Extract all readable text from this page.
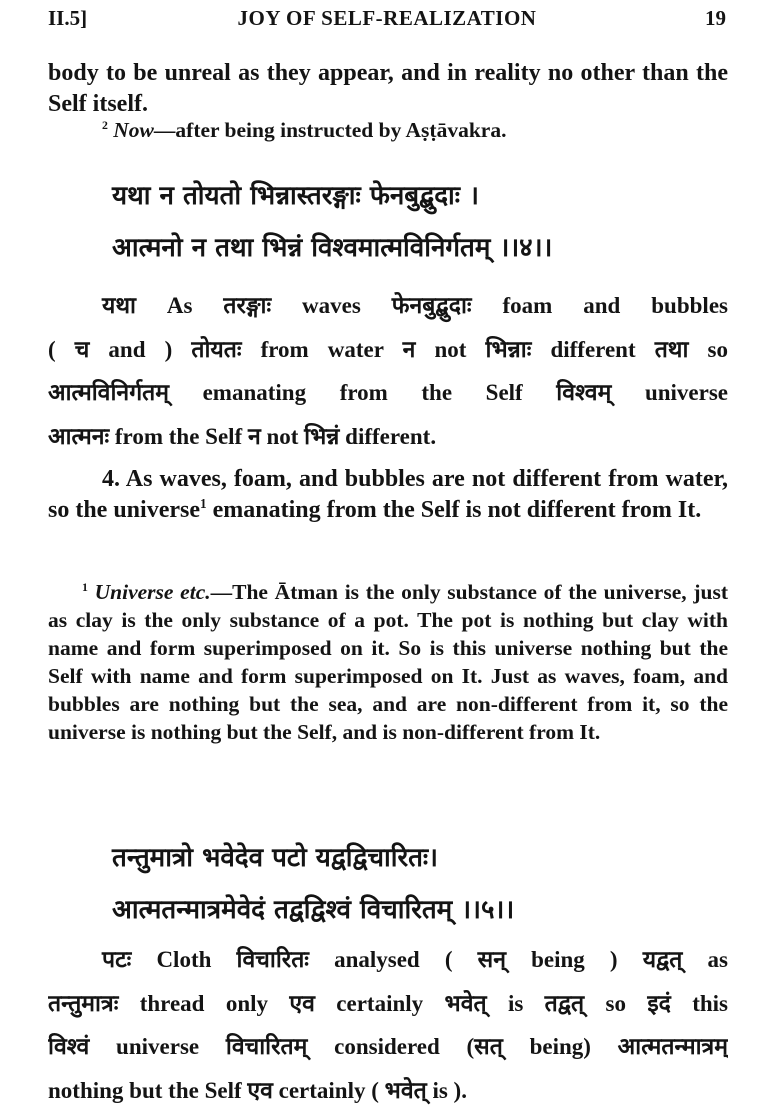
II.5]	JOY OF SELF-REALIZATION	19
body to be unreal as they appear, and in reality no other than the Self itself.
$^2$ Now—after being instructed by Aṣṭāvakra.
यथा न तोयतो भिन्नास्तरङ्गाः फेनबुद्बुदाः ।
आत्मनो न तथा भिन्नं विश्वमात्मविनिर्गतम् ।।४।।
यथा As तरङ्गाः waves फेनबुद्बुदाः foam and bubbles
( च and ) तोयतः from water न not भिन्नाः different तथा so
आत्मविनिर्गतम् emanating from the Self विश्वम् universe
आत्मनः from the Self न not भिन्नं different.
4. As waves, foam, and bubbles are not different from water, so the universe$^1$ emanating from the Self is not different from It.
$^1$ Universe etc.—The Ātman is the only substance of the universe, just as clay is the only substance of a pot. The pot is nothing but clay with name and form superimposed on it. So is this universe nothing but the Self with name and form superimposed on It. Just as waves, foam, and bubbles are nothing but the sea, and are non-different from it, so the universe is nothing but the Self, and is non-different from It.
तन्तुमात्रो भवेदेव पटो यद्वद्विचारितः।
आत्मतन्मात्रमेवेदं तद्वद्विश्वं विचारितम् ।।५।।
पटः Cloth विचारितः analysed ( सन् being ) यद्वत् as
तन्तुमात्रः thread only एव certainly भवेत् is तद्वत् so इदं this
विश्वं universe विचारितम् considered (सत् being) आत्मतन्मात्रम्
nothing but the Self एव certainly ( भवेत् is ).
